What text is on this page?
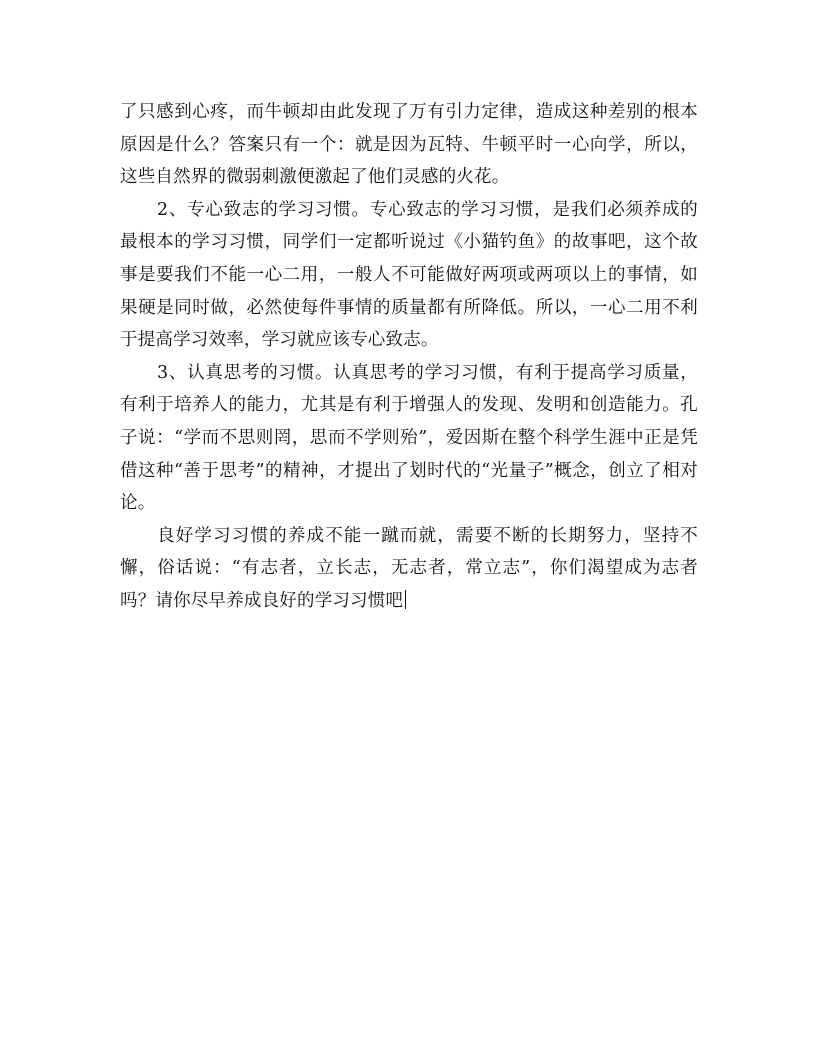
了只感到心疼，而牛顿却由此发现了万有引力定律，造成这种差别的根本原因是什么？答案只有一个：就是因为瓦特、牛顿平时一心向学，所以，这些自然界的微弱刺激便激起了他们灵感的火花。

2、专心致志的学习习惯。专心致志的学习习惯，是我们必须养成的最根本的学习习惯，同学们一定都听说过《小猫钓鱼》的故事吧，这个故事是要我们不能一心二用，一般人不可能做好两项或两项以上的事情，如果硬是同时做，必然使每件事情的质量都有所降低。所以，一心二用不利于提高学习效率，学习就应该专心致志。

3、认真思考的习惯。认真思考的学习习惯，有利于提高学习质量，有利于培养人的能力，尤其是有利于增强人的发现、发明和创造能力。孔子说：“学而不思则罔，思而不学则殆”，爱因斯在整个科学生涯中正是凭借这种“善于思考”的精神，才提出了划时代的“光量子”概念，创立了相对论。

良好学习习惯的养成不能一蹴而就，需要不断的长期努力，坚持不懈，俗话说：“有志者，立长志，无志者，常立志”，你们渴望成为志者吗？请你尽早养成良好的学习习惯吧
